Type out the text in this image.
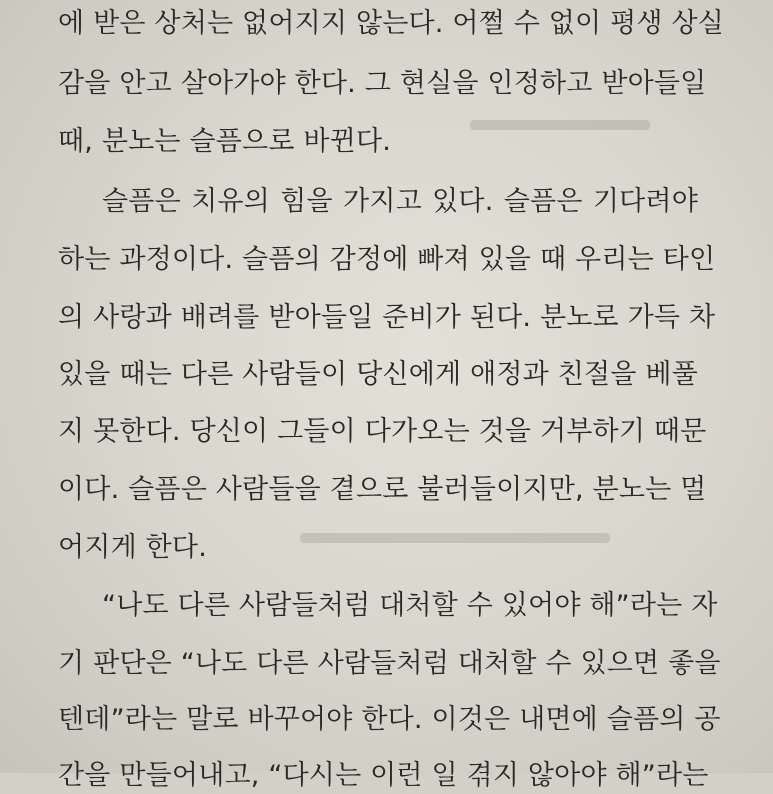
에 받은 상처는 없어지지 않는다. 어쩔 수 없이 평생 상실
감을 안고 살아가야 한다. 그 현실을 인정하고 받아들일
때, 분노는 슬픔으로 바뀐다.
슬픔은 치유의 힘을 가지고 있다. 슬픔은 기다려야
하는 과정이다. 슬픔의 감정에 빠져 있을 때 우리는 타인
의 사랑과 배려를 받아들일 준비가 된다. 분노로 가득 차
있을 때는 다른 사람들이 당신에게 애정과 친절을 베풀
지 못한다. 당신이 그들이 다가오는 것을 거부하기 때문
이다. 슬픔은 사람들을 곁으로 불러들이지만, 분노는 멀
어지게 한다.
“나도 다른 사람들처럼 대처할 수 있어야 해”라는 자
기 판단은 “나도 다른 사람들처럼 대처할 수 있으면 좋을
텐데”라는 말로 바꾸어야 한다. 이것은 내면에 슬픔의 공
간을 만들어내고, “다시는 이런 일 겪지 않아야 해”라는
